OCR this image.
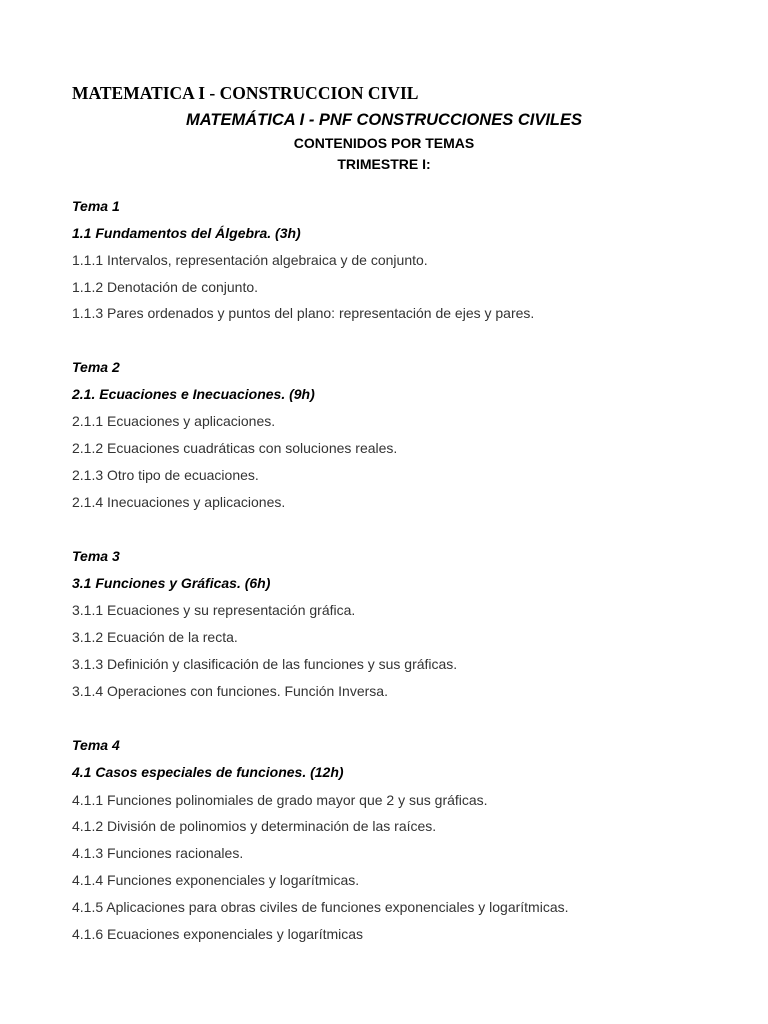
MATEMATICA I - CONSTRUCCION CIVIL
MATEMÁTICA I - PNF CONSTRUCCIONES CIVILES
CONTENIDOS POR TEMAS
TRIMESTRE I:
Tema 1
1.1 Fundamentos del Álgebra. (3h)
1.1.1 Intervalos, representación algebraica y de conjunto.
1.1.2 Denotación de conjunto.
1.1.3 Pares ordenados y puntos del plano: representación de ejes y pares.
Tema 2
2.1. Ecuaciones e Inecuaciones. (9h)
2.1.1 Ecuaciones y aplicaciones.
2.1.2 Ecuaciones cuadráticas con soluciones reales.
2.1.3 Otro tipo de ecuaciones.
2.1.4 Inecuaciones y aplicaciones.
Tema 3
3.1 Funciones y Gráficas. (6h)
3.1.1 Ecuaciones y su representación gráfica.
3.1.2 Ecuación de la recta.
3.1.3 Definición y clasificación de las funciones y sus gráficas.
3.1.4 Operaciones con funciones. Función Inversa.
Tema 4
4.1 Casos especiales de funciones. (12h)
4.1.1 Funciones polinomiales de grado mayor que 2 y sus gráficas.
4.1.2 División de polinomios y determinación de las raíces.
4.1.3 Funciones racionales.
4.1.4 Funciones exponenciales y logarítmicas.
4.1.5 Aplicaciones para obras civiles de funciones exponenciales y logarítmicas.
4.1.6 Ecuaciones exponenciales y logarítmicas
